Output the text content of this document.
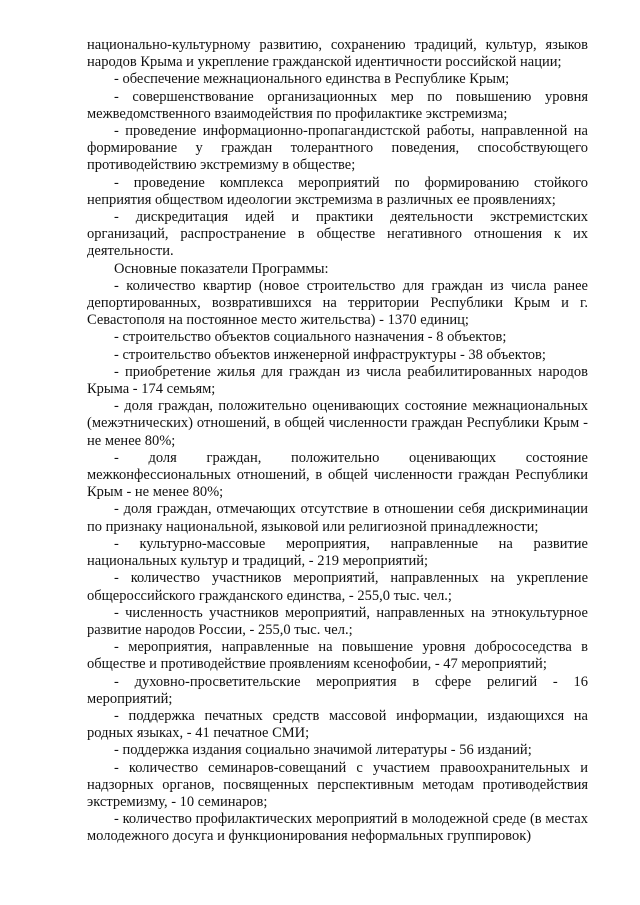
национально-культурному развитию, сохранению традиций, культур, языков народов Крыма и укрепление гражданской идентичности российской нации;

- обеспечение межнационального единства в Республике Крым;

- совершенствование организационных мер по повышению уровня межведомственного взаимодействия по профилактике экстремизма;

- проведение информационно-пропагандистской работы, направленной на формирование у граждан толерантного поведения, способствующего противодействию экстремизму в обществе;

- проведение комплекса мероприятий по формированию стойкого неприятия обществом идеологии экстремизма в различных ее проявлениях;

- дискредитация идей и практики деятельности экстремистских организаций, распространение в обществе негативного отношения к их деятельности.

Основные показатели Программы:

- количество квартир (новое строительство для граждан из числа ранее депортированных, возвратившихся на территории Республики Крым и г. Севастополя на постоянное место жительства) - 1370 единиц;

- строительство объектов социального назначения - 8 объектов;

- строительство объектов инженерной инфраструктуры - 38 объектов;

- приобретение жилья для граждан из числа реабилитированных народов Крыма - 174 семьям;

- доля граждан, положительно оценивающих состояние межнациональных (межэтнических) отношений, в общей численности граждан Республики Крым - не менее 80%;

- доля граждан, положительно оценивающих состояние межконфессиональных отношений, в общей численности граждан Республики Крым - не менее 80%;

- доля граждан, отмечающих отсутствие в отношении себя дискриминации по признаку национальной, языковой или религиозной принадлежности;

- культурно-массовые мероприятия, направленные на развитие национальных культур и традиций, - 219 мероприятий;

- количество участников мероприятий, направленных на укрепление общероссийского гражданского единства, - 255,0 тыс. чел.;

- численность участников мероприятий, направленных на этнокультурное развитие народов России, - 255,0 тыс. чел.;

- мероприятия, направленные на повышение уровня добрососедства в обществе и противодействие проявлениям ксенофобии, - 47 мероприятий;

- духовно-просветительские мероприятия в сфере религий - 16 мероприятий;

- поддержка печатных средств массовой информации, издающихся на родных языках, - 41 печатное СМИ;

- поддержка издания социально значимой литературы - 56 изданий;

- количество семинаров-совещаний с участием правоохранительных и надзорных органов, посвященных перспективным методам противодействия экстремизму, - 10 семинаров;

- количество профилактических мероприятий в молодежной среде (в местах молодежного досуга и функционирования неформальных группировок)
